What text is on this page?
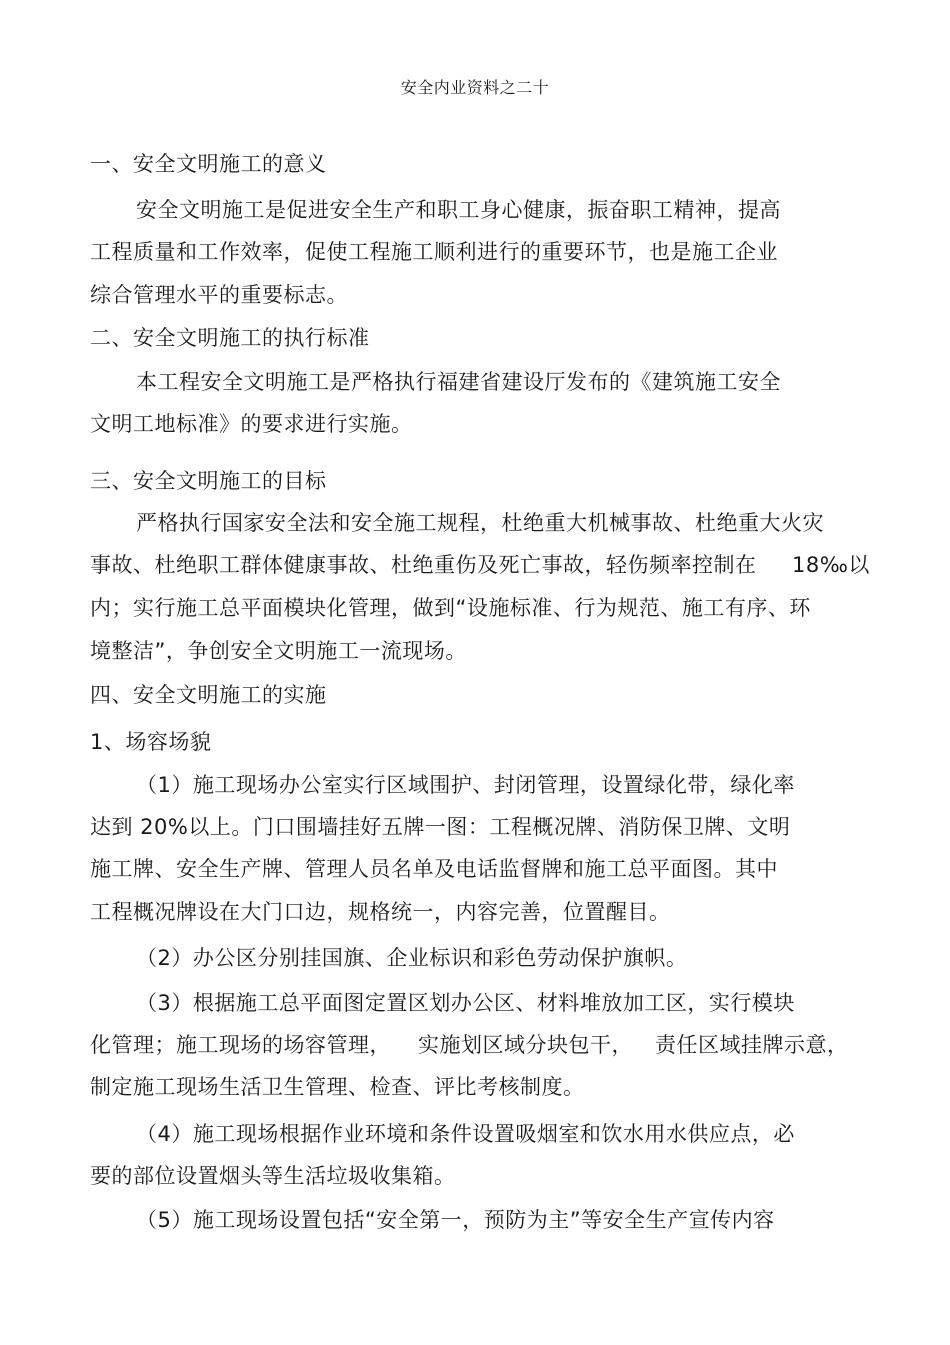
安全内业资料之二十
一、安全文明施工的意义
安全文明施工是促进安全生产和职工身心健康，振奋职工精神，提高
工程质量和工作效率，促使工程施工顺利进行的重要环节，也是施工企业
综合管理水平的重要标志。
二、安全文明施工的执行标准
本工程安全文明施工是严格执行福建省建设厅发布的《建筑施工安全
文明工地标准》的要求进行实施。
三、安全文明施工的目标
严格执行国家安全法和安全施工规程，杜绝重大机械事故、杜绝重大火灾
事故、杜绝职工群体健康事故、杜绝重伤及死亡事故，轻伤频率控制在 18‰以
内；实行施工总平面模块化管理，做到“设施标准、行为规范、施工有序、环
境整洁”，争创安全文明施工一流现场。
四、安全文明施工的实施
1、场容场貌
（1）施工现场办公室实行区域围护、封闭管理，设置绿化带，绿化率
达到 20%以上。门口围墙挂好五牌一图：工程概况牌、消防保卫牌、文明
施工牌、安全生产牌、管理人员名单及电话监督牌和施工总平面图。其中
工程概况牌设在大门口边，规格统一，内容完善，位置醒目。
（2）办公区分别挂国旗、企业标识和彩色劳动保护旗帜。
（3）根据施工总平面图定置区划办公区、材料堆放加工区，实行模块
化管理；施工现场的场容管理， 实施划区域分块包干， 责任区域挂牌示意，
制定施工现场生活卫生管理、检查、评比考核制度。
（4）施工现场根据作业环境和条件设置吸烟室和饮水用水供应点，必
要的部位设置烟头等生活垃圾收集箱。
（5）施工现场设置包括“安全第一，预防为主”等安全生产宣传内容
